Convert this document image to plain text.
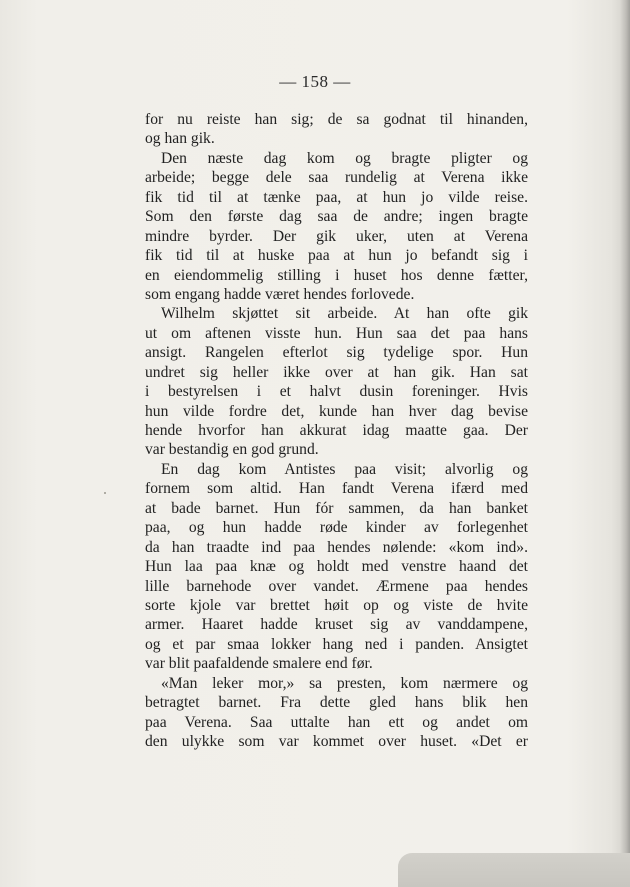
— 158 —
for nu reiste han sig; de sa godnat til hinanden,
og han gik.
Den næste dag kom og bragte pligter og
arbeide; begge dele saa rundelig at Verena ikke
fik tid til at tænke paa, at hun jo vilde reise.
Som den første dag saa de andre; ingen bragte
mindre byrder. Der gik uker, uten at Verena
fik tid til at huske paa at hun jo befandt sig i
en eiendommelig stilling i huset hos denne fætter,
som engang hadde været hendes forlovede.
Wilhelm skjøttet sit arbeide. At han ofte gik
ut om aftenen visste hun. Hun saa det paa hans
ansigt. Rangelen efterlot sig tydelige spor. Hun
undret sig heller ikke over at han gik. Han sat
i bestyrelsen i et halvt dusin foreninger. Hvis
hun vilde fordre det, kunde han hver dag bevise
hende hvorfor han akkurat idag maatte gaa. Der
var bestandig en god grund.
En dag kom Antistes paa visit; alvorlig og
fornem som altid. Han fandt Verena ifærd med
at bade barnet. Hun fór sammen, da han banket
paa, og hun hadde røde kinder av forlegenhet
da han traadte ind paa hendes nølende: «kom ind».
Hun laa paa knæ og holdt med venstre haand det
lille barnehode over vandet. Ærmene paa hendes
sorte kjole var brettet høit op og viste de hvite
armer. Haaret hadde kruset sig av vanddampene,
og et par smaa lokker hang ned i panden. Ansigtet
var blit paafaldende smalere end før.
«Man leker mor,» sa presten, kom nærmere og
betragtet barnet. Fra dette gled hans blik hen
paa Verena. Saa uttalte han ett og andet om
den ulykke som var kommet over huset. «Det er
